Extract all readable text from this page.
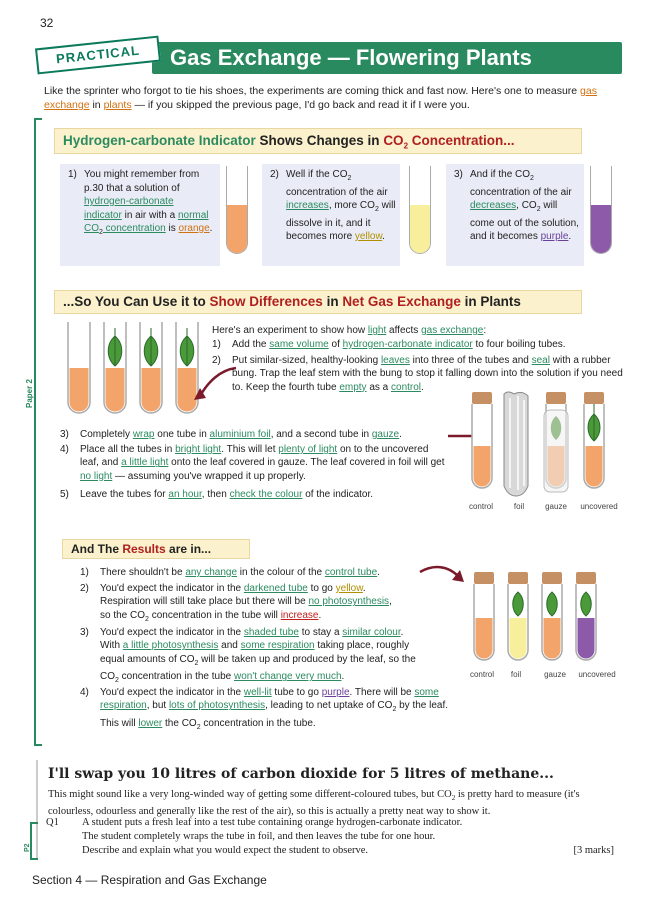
32
Gas Exchange — Flowering Plants
PRACTICAL
Like the sprinter who forgot to tie his shoes, the experiments are coming thick and fast now. Here's one to measure gas exchange in plants — if you skipped the previous page, I'd go back and read it if I were you.
Paper 2
Hydrogen-carbonate Indicator Shows Changes in $CO_2$ Concentration...
1) You might remember from p.30 that a solution of hydrogen-carbonate indicator in air with a normal $CO_2$ concentration is orange.
2) Well if the $CO_2$ concentration of the air increases, more $CO_2$ will dissolve in it, and it becomes more yellow.
3) And if the $CO_2$ concentration of the air decreases, $CO_2$ will come out of the solution, and it becomes purple.
...So You Can Use it to Show Differences in Net Gas Exchange in Plants
Here's an experiment to show how light affects gas exchange:
1)	Add the same volume of hydrogen-carbonate indicator to four boiling tubes.
2)	Put similar-sized, healthy-looking leaves into three of the tubes and seal with a rubber bung. Trap the leaf stem with the bung to stop it falling down into the solution if you need to. Keep the fourth tube empty as a control.
3)	Completely wrap one tube in aluminium foil, and a second tube in gauze.
4)	Place all the tubes in bright light. This will let plenty of light on to the uncovered leaf, and a little light onto the leaf covered in gauze. The leaf covered in foil will get no light — assuming you've wrapped it up properly.
5)	Leave the tubes for an hour, then check the colour of the indicator.
control	foil	gauze	uncovered
And The Results are in...
1)	There shouldn't be any change in the colour of the control tube.
2)	You'd expect the indicator in the darkened tube to go yellow.
Respiration will still take place but there will be no photosynthesis,
so the $CO_2$ concentration in the tube will increase.
3)	You'd expect the indicator in the shaded tube to stay a similar colour.
With a little photosynthesis and some respiration taking place, roughly
equal amounts of $CO_2$ will be taken up and produced by the leaf, so the
$CO_2$ concentration in the tube won't change very much.
4)	You'd expect the indicator in the well-lit tube to go purple. There will be some
respiration, but lots of photosynthesis, leading to net uptake of $CO_2$ by the leaf.
This will lower the $CO_2$ concentration in the tube.
control	foil	gauze	uncovered
I'll swap you 10 litres of carbon dioxide for 5 litres of methane...
This might sound like a very long-winded way of getting some different-coloured tubes, but $CO_2$ is pretty hard to measure (it's colourless, odourless and generally like the rest of the air), so this is actually a pretty neat way to show it.
Q1 A student puts a fresh leaf into a test tube containing orange hydrogen-carbonate indicator.
The student completely wraps the tube in foil, and then leaves the tube for one hour.
Describe and explain what you would expect the student to observe.	[3 marks]
P2
Section 4 — Respiration and Gas Exchange
